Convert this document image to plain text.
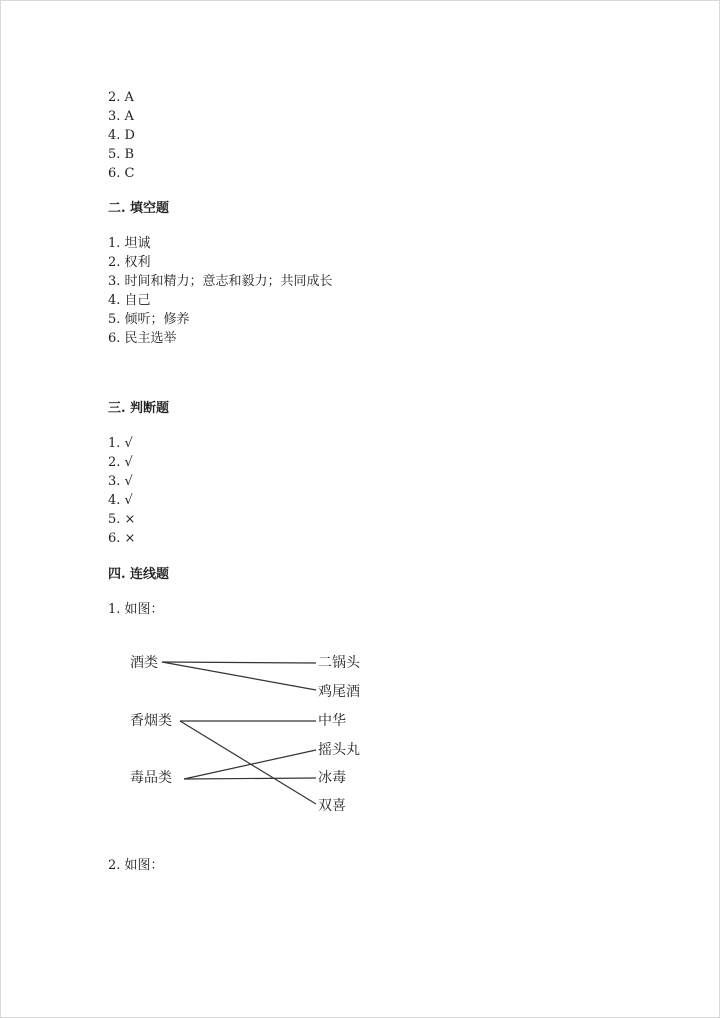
2. A
3. A
4. D
5. B
6. C
二. 填空题
1. 坦诚
2. 权利
3. 时间和精力；意志和毅力；共同成长
4. 自己
5. 倾听；修养
6. 民主选举
三. 判断题
1. √
2. √
3. √
4. √
5. ×
6. ×
四. 连线题
1. 如图：
酒类
香烟类
毒品类
二锅头
鸡尾酒
中华
摇头丸
冰毒
双喜
2. 如图：
